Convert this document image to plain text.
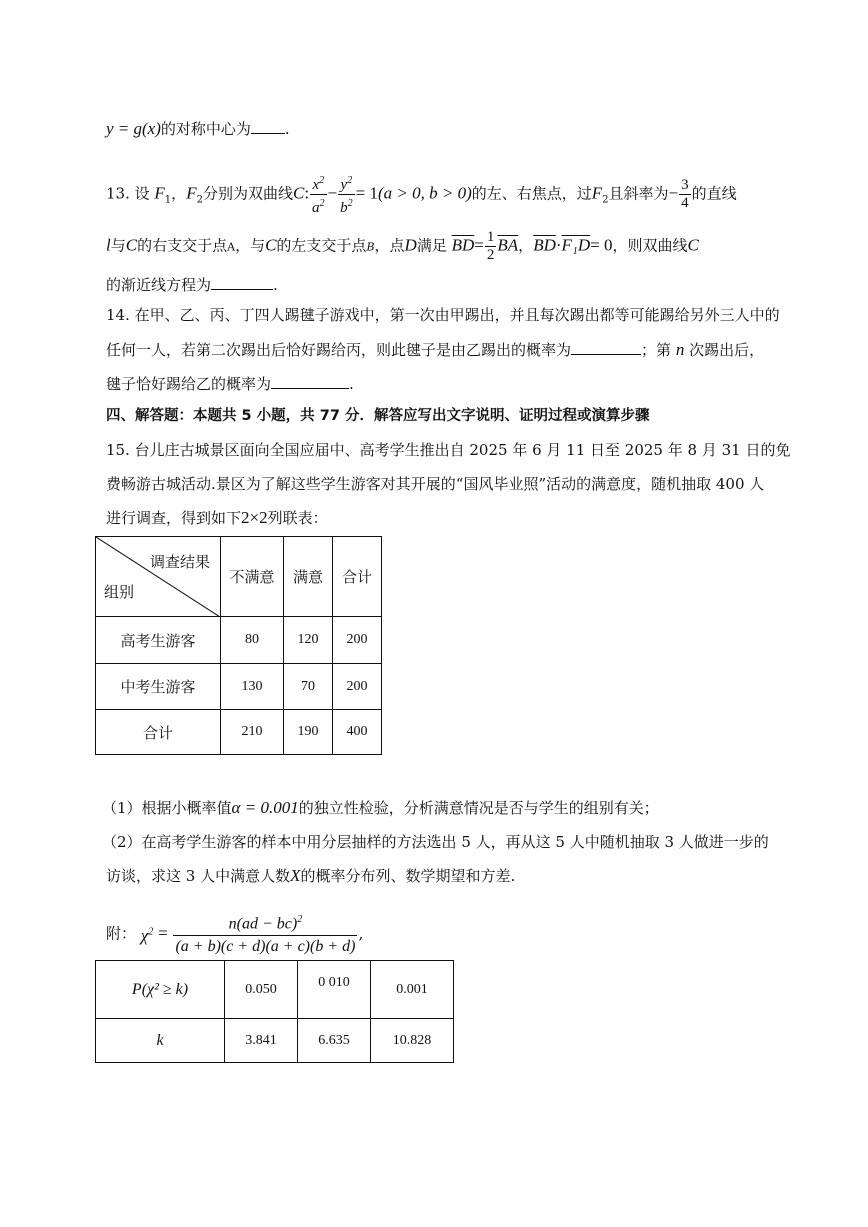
y = g(x)的对称中心为 .
13. 设 $F_1$，$F_2$分别为双曲线C: $\frac{x^2}{a^2} - \frac{y^2}{b^2} = 1(a > 0$, b > 0)的左、右焦点，过$F_2$且斜率为− $\frac{3}{4}$ 的直线
l与C的右支交于点A，与C的左支交于点B，点D满足 $\overline{BD}= \frac{1}{2} \overline{BA}$，$\overline{BD}\cdot F_1D= 0$，则双曲线C
的渐近线方程为	.
14. 在甲、乙、丙、丁四人踢毽子游戏中，第一次由甲踢出，并且每次踢出都等可能踢给另外三人中的
任何一人，若第二次踢出后恰好踢给丙，则此毽子是由乙踢出的概率为	；第 n 次踢出后，
毽子恰好踢给乙的概率为	.
四、解答题：本题共 5 小题，共 77 分．解答应写出文字说明、证明过程或演算步骤
15. 台儿庄古城景区面向全国应届中、高考学生推出自 2025 年 6 月 11 日至 2025 年 8 月 31 日的免
费畅游古城活动.景区为了解这些学生游客对其开展的“国风毕业照”活动的满意度，随机抽取 400 人
进行调查，得到如下2×2列联表：
调查结果
组别	不满意	满意	合计
高考生游客	80	120	200
中考生游客	130	70	200
合计	210	190	400
（1）根据小概率值α = 0.001的独立性检验，分析满意情况是否与学生的组别有关；
（2）在高考学生游客的样本中用分层抽样的方法选出 5 人，再从这 5 人中随机抽取 3 人做进一步的
访谈，求这 3 人中满意人数X的概率分布列、数学期望和方差.
附： $\chi^2 = \frac{n(ad - bc)^2}{(a + b)(c + d)(a + c)(b + d)}$ ,
P(χ² ≥ k)	0.050	0 010	0.001
k	3.841	6.635	10.828
